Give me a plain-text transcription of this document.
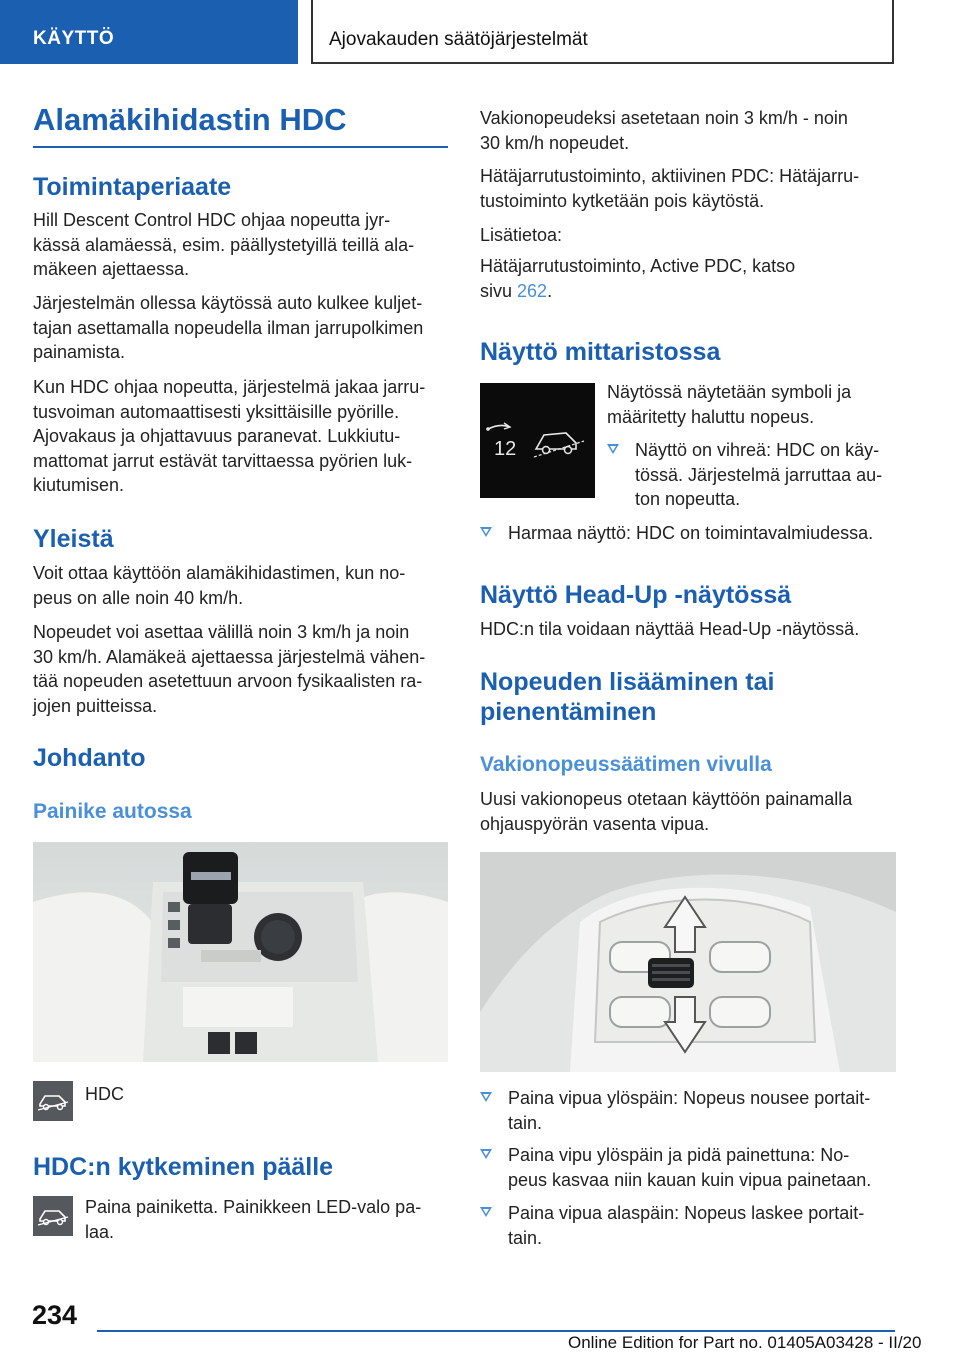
KÄYTTÖ	Ajovakauden säätöjärjestelmät
Alamäkihidastin HDC
Toimintaperiaate

Hill Descent Control HDC ohjaa nopeutta jyr-
kässä alamäessä, esim. päällystetyillä teillä ala-
mäkeen ajettaessa.

Järjestelmän ollessa käytössä auto kulkee kuljet-
tajan asettamalla nopeudella ilman jarrupolkimen
painamista.

Kun HDC ohjaa nopeutta, järjestelmä jakaa jarru-
tusvoiman automaattisesti yksittäisille pyörille.
Ajovakaus ja ohjattavuus paranevat. Lukkiutu-
mattomat jarrut estävät tarvittaessa pyörien luk-
kiutumisen.

Yleistä

Voit ottaa käyttöön alamäkihidastimen, kun no-
peus on alle noin 40 km/h.

Nopeudet voi asettaa välillä noin 3 km/h ja noin
30 km/h. Alamäkeä ajettaessa järjestelmä vähen-
tää nopeuden asetettuun arvoon fysikaalisten ra-
jojen puitteissa.

Johdanto
Painike autossa

HDC

HDC:n kytkeminen päälle

Paina painiketta. Painikkeen LED-valo pa-
laa.

Vakionopeudeksi asetetaan noin 3 km/h - noin
30 km/h nopeudet.

Hätäjarrutustoiminto, aktiivinen PDC: Hätäjarru-
tustoiminto kytketään pois käytöstä.

Lisätietoa:

Hätäjarrutustoiminto, Active PDC, katso
sivu 262.

Näyttö mittaristossa
12

Näytössä näytetään symboli ja
määritetty haluttu nopeus.

Näyttö on vihreä: HDC on käy-
tössä. Järjestelmä jarruttaa au-
ton nopeutta.

Harmaa näyttö: HDC on toimintavalmiudessa.

Näyttö Head-Up -näytössä

HDC:n tila voidaan näyttää Head-Up -näytössä.

Nopeuden lisääminen tai
pienentäminen
Vakionopeussäätimen vivulla

Uusi vakionopeus otetaan käyttöön painamalla
ohjauspyörän vasenta vipua.

Paina vipua ylöspäin: Nopeus nousee portait-
tain.

Paina vipu ylöspäin ja pidä painettuna: No-
peus kasvaa niin kauan kuin vipua painetaan.

Paina vipua alaspäin: Nopeus laskee portait-
tain.

234
Online Edition for Part no. 01405A03428 - II/20
